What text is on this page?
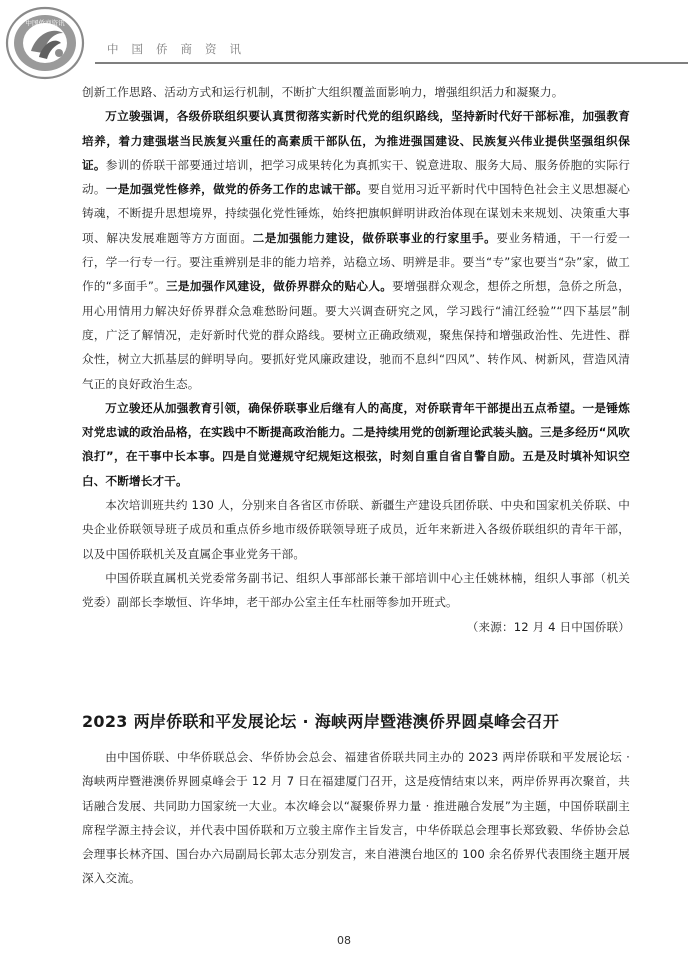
中国侨商资讯
中国侨商资讯

创新工作思路、活动方式和运行机制，不断扩大组织覆盖面影响力，增强组织活力和凝聚力。

万立骏强调，各级侨联组织要认真贯彻落实新时代党的组织路线，坚持新时代好干部标准，加强教育培养，着力建强堪当民族复兴重任的高素质干部队伍，为推进强国建设、民族复兴伟业提供坚强组织保证。参训的侨联干部要通过培训，把学习成果转化为真抓实干、锐意进取、服务大局、服务侨胞的实际行动。一是加强党性修养，做党的侨务工作的忠诚干部。要自觉用习近平新时代中国特色社会主义思想凝心铸魂，不断提升思想境界，持续强化党性锤炼，始终把旗帜鲜明讲政治体现在谋划未来规划、决策重大事项、解决发展难题等方方面面。二是加强能力建设，做侨联事业的行家里手。要业务精通，干一行爱一行，学一行专一行。要注重辨别是非的能力培养，站稳立场、明辨是非。要当“专”家也要当“杂”家，做工作的“多面手”。三是加强作风建设，做侨界群众的贴心人。要增强群众观念，想侨之所想，急侨之所急，用心用情用力解决好侨界群众急难愁盼问题。要大兴调查研究之风，学习践行“浦江经验”“四下基层”制度，广泛了解情况，走好新时代党的群众路线。要树立正确政绩观，聚焦保持和增强政治性、先进性、群众性，树立大抓基层的鲜明导向。要抓好党风廉政建设，驰而不息纠“四风”、转作风、树新风，营造风清气正的良好政治生态。

万立骏还从加强教育引领，确保侨联事业后继有人的高度，对侨联青年干部提出五点希望。一是锤炼对党忠诚的政治品格，在实践中不断提高政治能力。二是持续用党的创新理论武装头脑。三是多经历“风吹浪打”，在干事中长本事。四是自觉遵规守纪规矩这根弦，时刻自重自省自警自励。五是及时填补知识空白、不断增长才干。

本次培训班共约 130 人，分别来自各省区市侨联、新疆生产建设兵团侨联、中央和国家机关侨联、中央企业侨联领导班子成员和重点侨乡地市级侨联领导班子成员，近年来新进入各级侨联组织的青年干部，以及中国侨联机关及直属企事业党务干部。

中国侨联直属机关党委常务副书记、组织人事部部长兼干部培训中心主任姚林楠，组织人事部（机关党委）副部长李墩恒、许华坤，老干部办公室主任车杜丽等参加开班式。

（来源：12 月 4 日中国侨联）

2023 两岸侨联和平发展论坛 · 海峡两岸暨港澳侨界圆桌峰会召开

由中国侨联、中华侨联总会、华侨协会总会、福建省侨联共同主办的 2023 两岸侨联和平发展论坛 · 海峡两岸暨港澳侨界圆桌峰会于 12 月 7 日在福建厦门召开，这是疫情结束以来，两岸侨界再次聚首，共话融合发展、共同助力国家统一大业。本次峰会以“凝聚侨界力量 · 推进融合发展”为主题，中国侨联副主席程学源主持会议，并代表中国侨联和万立骏主席作主旨发言，中华侨联总会理事长郑致毅、华侨协会总会理事长林齐国、国台办六局副局长郭太志分别发言，来自港澳台地区的 100 余名侨界代表围绕主题开展深入交流。

08
